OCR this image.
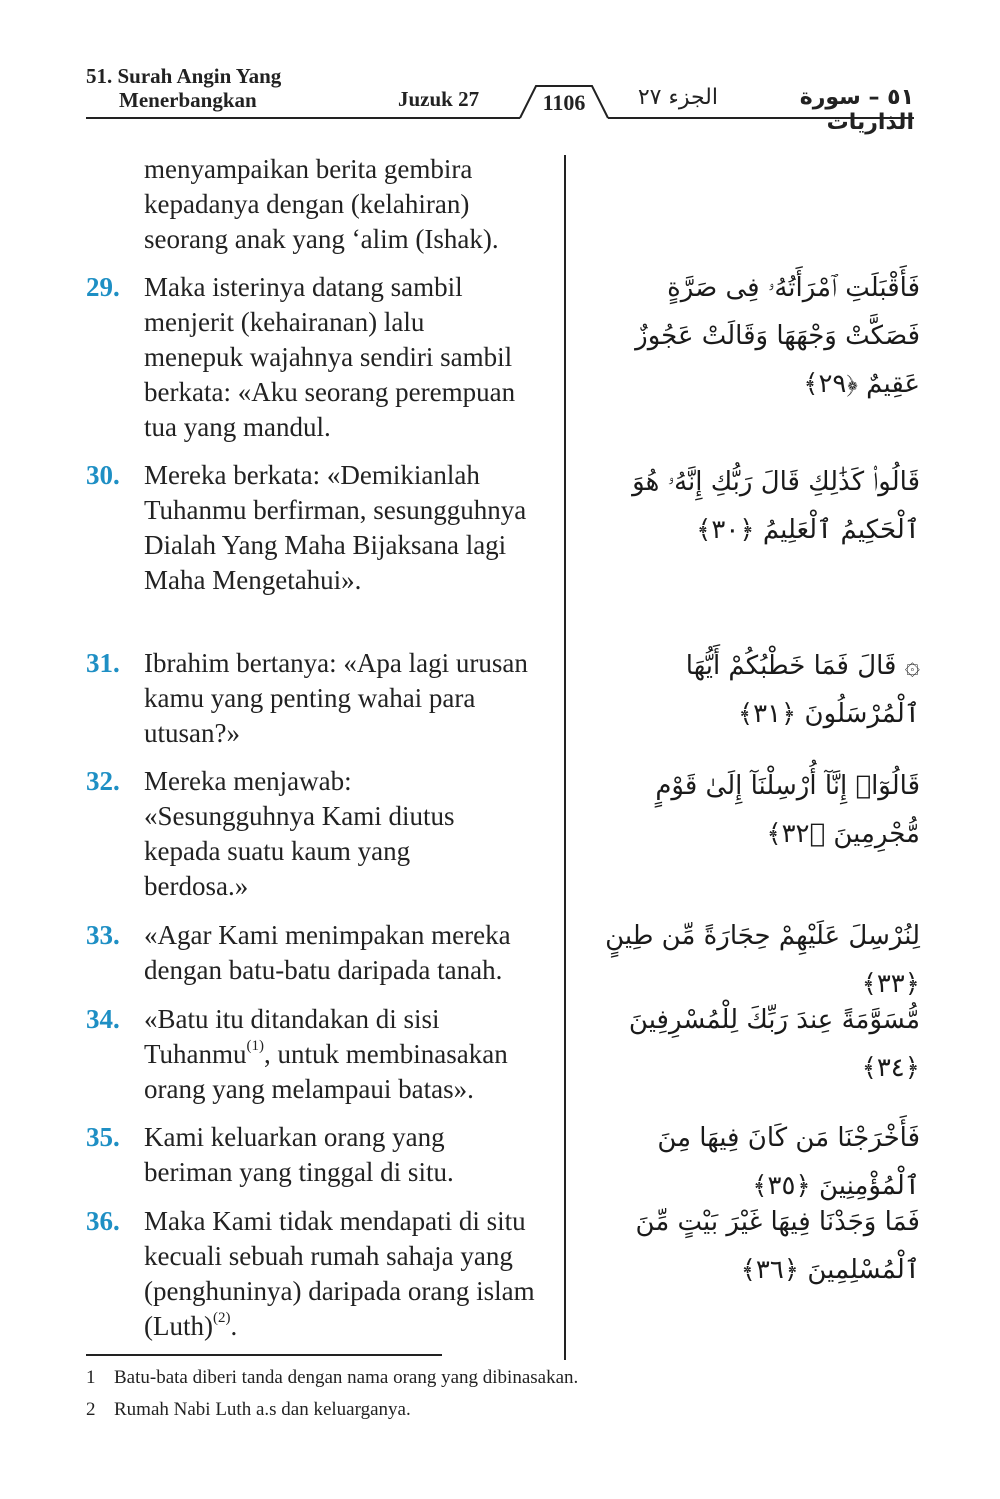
51. Surah Angin Yang
Menerbangkan	Juzuk 27	1106	الجزء ٢٧	٥١ – سورة الذاريات
menyampaikan berita gembira kepadanya dengan (kelahiran) seorang anak yang ‘alim (Ishak).
29. Maka isterinya datang sambil menjerit (kehairanan) lalu menepuk wajahnya sendiri sambil berkata: «Aku seorang perempuan tua yang mandul.
فَأَقْبَلَتِ ٱمْرَأَتُهُۥ فِى صَرَّةٍ فَصَكَّتْ وَجْهَهَا وَقَالَتْ عَجُوزٌ عَقِيمٌ ﴿٢٩﴾
30. Mereka berkata: «Demikianlah Tuhanmu berfirman, sesungguhnya Dialah Yang Maha Bijaksana lagi Maha Mengetahui».
قَالُوا۟ كَذَٰلِكِ قَالَ رَبُّكِ إِنَّهُۥ هُوَ ٱلْحَكِيمُ ٱلْعَلِيمُ ﴿٣٠﴾
31. Ibrahim bertanya: «Apa lagi urusan kamu yang penting wahai para utusan?»
۞ قَالَ فَمَا خَطْبُكُمْ أَيُّهَا ٱلْمُرْسَلُونَ ﴿٣١﴾
32. Mereka menjawab: «Sesungguhnya Kami diutus kepada suatu kaum yang berdosa.»
قَالُوٓا۟ إِنَّآ أُرْسِلْنَآ إِلَىٰ قَوْمٍ مُّجْرِمِينَ ﴿٣٢﴾
33. «Agar Kami menimpakan mereka dengan batu-batu daripada tanah.
لِنُرْسِلَ عَلَيْهِمْ حِجَارَةً مِّن طِينٍ ﴿٣٣﴾
34. «Batu itu ditandakan di sisi Tuhanmu$^{(1)}$, untuk membinasakan orang yang melampaui batas».
مُّسَوَّمَةً عِندَ رَبِّكَ لِلْمُسْرِفِينَ ﴿٣٤﴾
35. Kami keluarkan orang yang beriman yang tinggal di situ.
فَأَخْرَجْنَا مَن كَانَ فِيهَا مِنَ ٱلْمُؤْمِنِينَ ﴿٣٥﴾
36. Maka Kami tidak mendapati di situ kecuali sebuah rumah sahaja yang (penghuninya) daripada orang islam (Luth)$^{(2)}$.
فَمَا وَجَدْنَا فِيهَا غَيْرَ بَيْتٍ مِّنَ ٱلْمُسْلِمِينَ ﴿٣٦﴾
1 Batu-bata diberi tanda dengan nama orang yang dibinasakan.
2 Rumah Nabi Luth a.s dan keluarganya.
